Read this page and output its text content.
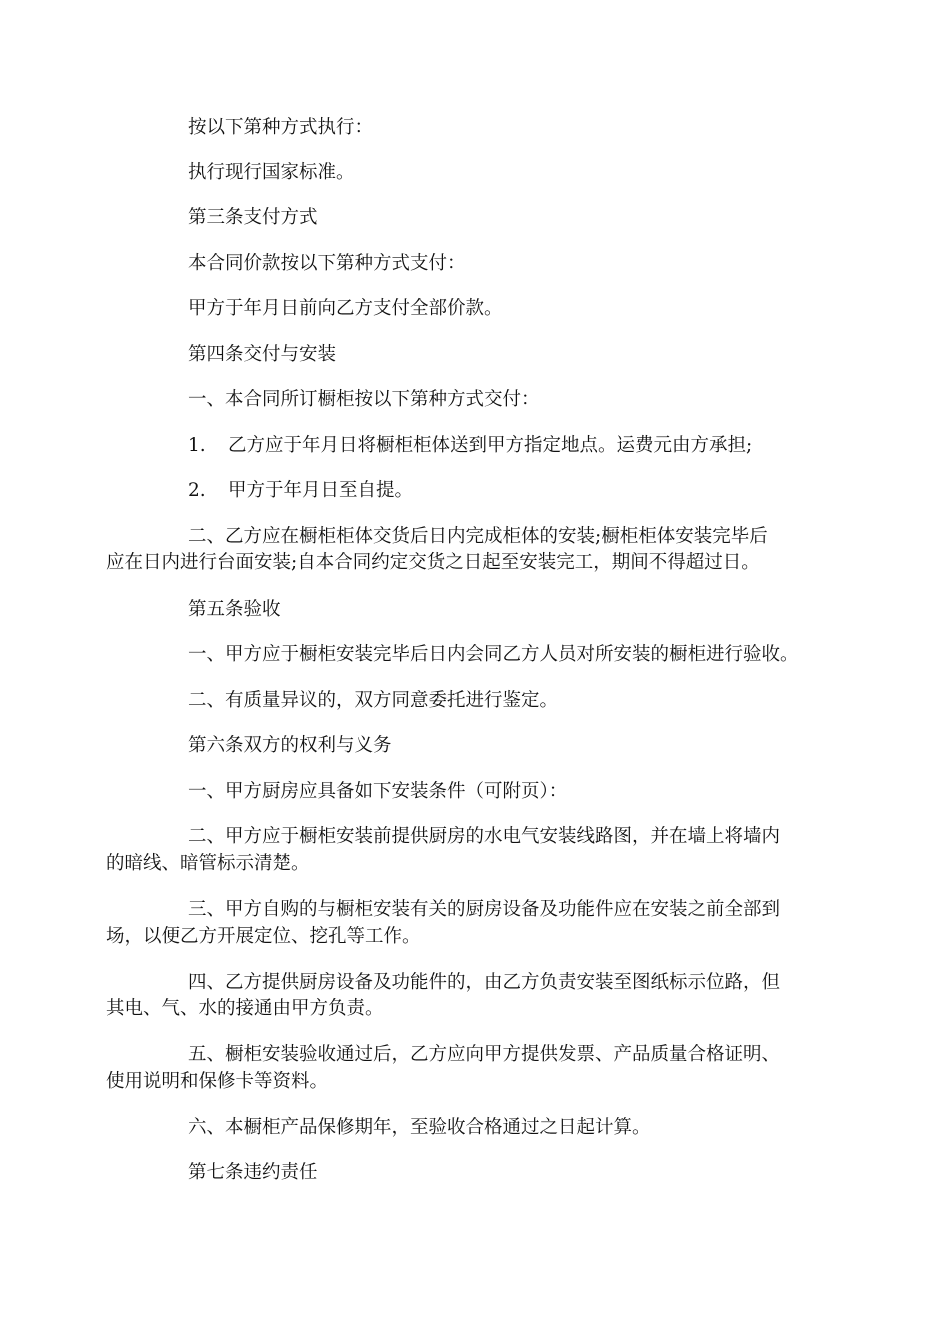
按以下第种方式执行：

执行现行国家标准。

第三条支付方式

本合同价款按以下第种方式支付：

甲方于年月日前向乙方支付全部价款。

第四条交付与安装

一、本合同所订橱柜按以下第种方式交付：

1. 乙方应于年月日将橱柜柜体送到甲方指定地点。运费元由方承担;

2. 甲方于年月日至自提。

二、乙方应在橱柜柜体交货后日内完成柜体的安装;橱柜柜体安装完毕后

应在日内进行台面安装;自本合同约定交货之日起至安装完工，期间不得超过日。

第五条验收

一、甲方应于橱柜安装完毕后日内会同乙方人员对所安装的橱柜进行验收。

二、有质量异议的，双方同意委托进行鉴定。

第六条双方的权利与义务

一、甲方厨房应具备如下安装条件（可附页）：

二、甲方应于橱柜安装前提供厨房的水电气安装线路图，并在墙上将墙内

的暗线、暗管标示清楚。

三、甲方自购的与橱柜安装有关的厨房设备及功能件应在安装之前全部到

场，以便乙方开展定位、挖孔等工作。

四、乙方提供厨房设备及功能件的，由乙方负责安装至图纸标示位路，但

其电、气、水的接通由甲方负责。

五、橱柜安装验收通过后，乙方应向甲方提供发票、产品质量合格证明、

使用说明和保修卡等资料。

六、本橱柜产品保修期年，至验收合格通过之日起计算。

第七条违约责任
